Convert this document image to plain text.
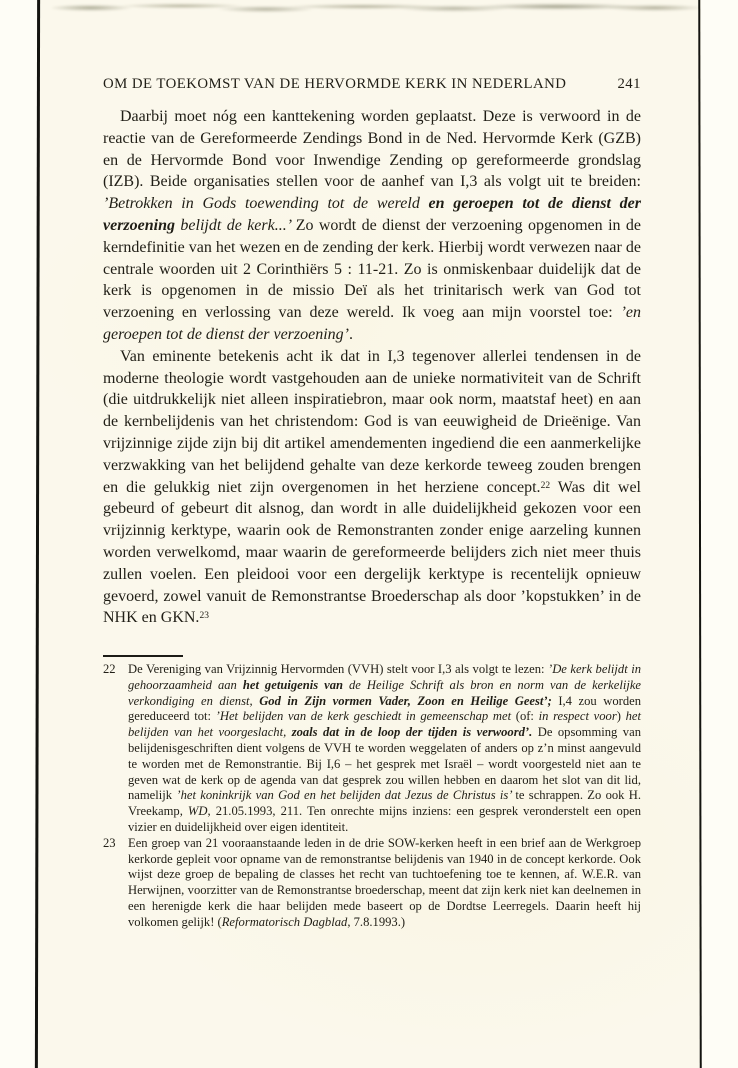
OM DE TOEKOMST VAN DE HERVORMDE KERK IN NEDERLAND	241

Daarbij moet nóg een kanttekening worden geplaatst. Deze is verwoord in de reactie van de Gereformeerde Zendings Bond in de Ned. Hervormde Kerk (GZB) en de Hervormde Bond voor Inwendige Zending op gereformeerde grondslag (IZB). Beide organisaties stellen voor de aanhef van I,3 als volgt uit te breiden: ’Betrokken in Gods toewending tot de wereld en geroepen tot de dienst der verzoening belijdt de kerk...’ Zo wordt de dienst der verzoening opgenomen in de kerndefinitie van het wezen en de zending der kerk. Hierbij wordt verwezen naar de centrale woorden uit 2 Corinthiërs 5 : 11-21. Zo is onmiskenbaar duidelijk dat de kerk is opgenomen in de missio Deï als het trinitarisch werk van God tot verzoening en verlossing van deze wereld. Ik voeg aan mijn voorstel toe: ’en geroepen tot de dienst der verzoening’.

Van eminente betekenis acht ik dat in I,3 tegenover allerlei tendensen in de moderne theologie wordt vastgehouden aan de unieke normativiteit van de Schrift (die uitdrukkelijk niet alleen inspiratiebron, maar ook norm, maatstaf heet) en aan de kernbelijdenis van het christendom: God is van eeuwigheid de Drieënige. Van vrijzinnige zijde zijn bij dit artikel amendementen ingediend die een aanmerkelijke verzwakking van het belijdend gehalte van deze kerkorde teweeg zouden brengen en die gelukkig niet zijn overgenomen in het herziene concept.$^{22}$ Was dit wel gebeurd of gebeurt dit alsnog, dan wordt in alle duidelijkheid gekozen voor een vrijzinnig kerktype, waarin ook de Remonstranten zonder enige aarzeling kunnen worden verwelkomd, maar waarin de gereformeerde belijders zich niet meer thuis zullen voelen. Een pleidooi voor een dergelijk kerktype is recentelijk opnieuw gevoerd, zowel vanuit de Remonstrantse Broederschap als door ’kopstukken’ in de NHK en GKN.$^{23}$

22 De Vereniging van Vrijzinnig Hervormden (VVH) stelt voor I,3 als volgt te lezen: ’De kerk belijdt in gehoorzaamheid aan het getuigenis van de Heilige Schrift als bron en norm van de kerkelijke verkondiging en dienst, God in Zijn vormen Vader, Zoon en Heilige Geest’; I,4 zou worden gereduceerd tot: ’Het belijden van de kerk geschiedt in gemeenschap met (of: in respect voor) het belijden van het voorgeslacht, zoals dat in de loop der tijden is verwoord’. De opsomming van belijdenisgeschriften dient volgens de VVH te worden weggelaten of anders op z’n minst aangevuld te worden met de Remonstrantie. Bij I,6 – het gesprek met Israël – wordt voorgesteld niet aan te geven wat de kerk op de agenda van dat gesprek zou willen hebben en daarom het slot van dit lid, namelijk ’het koninkrijk van God en het belijden dat Jezus de Christus is’ te schrappen. Zo ook H. Vreekamp, WD, 21.05.1993, 211. Ten onrechte mijns inziens: een gesprek veronderstelt een open vizier en duidelijkheid over eigen identiteit.

23 Een groep van 21 vooraanstaande leden in de drie SOW-kerken heeft in een brief aan de Werkgroep kerkorde gepleit voor opname van de remonstrantse belijdenis van 1940 in de concept kerkorde. Ook wijst deze groep de bepaling de classes het recht van tuchtoefening toe te kennen, af. W.E.R. van Herwijnen, voorzitter van de Remonstrantse broederschap, meent dat zijn kerk niet kan deelnemen in een herenigde kerk die haar belijden mede baseert op de Dordtse Leerregels. Daarin heeft hij volkomen gelijk! (Reformatorisch Dagblad, 7.8.1993.)
